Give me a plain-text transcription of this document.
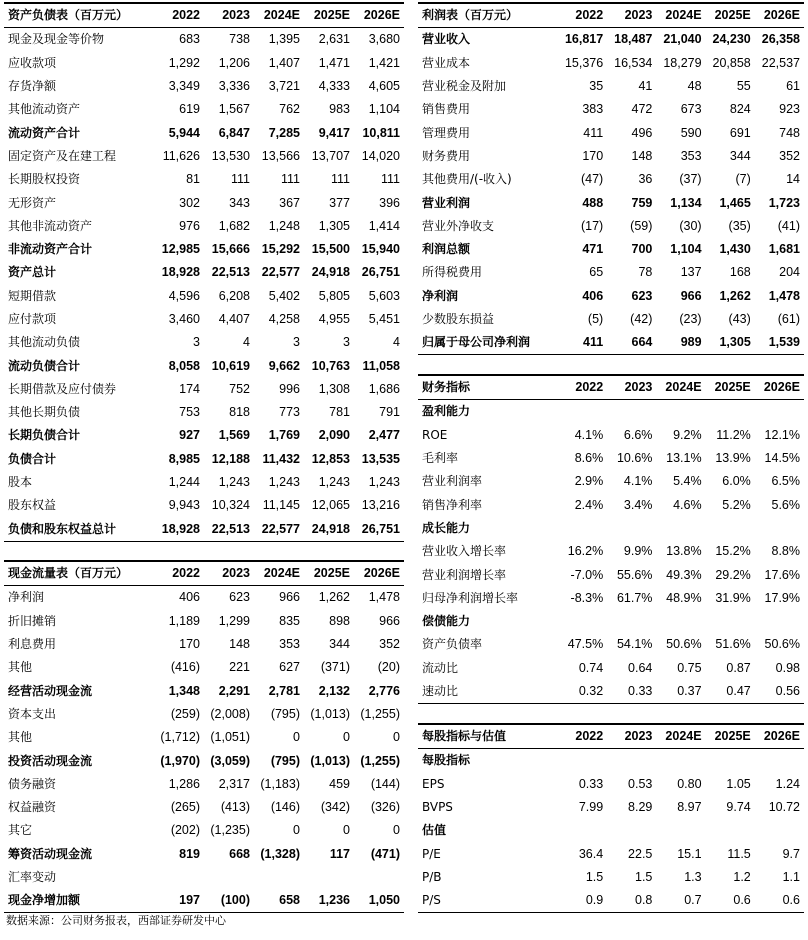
资产负债表（百万元）	2022	2023	2024E	2025E	2026E
现金及现金等价物	683	738	1,395	2,631	3,680
应收款项	1,292	1,206	1,407	1,471	1,421
存货净额	3,349	3,336	3,721	4,333	4,605
其他流动资产	619	1,567	762	983	1,104
流动资产合计	5,944	6,847	7,285	9,417	10,811
固定资产及在建工程	11,626	13,530	13,566	13,707	14,020
长期股权投资	81	111	111	111	111
无形资产	302	343	367	377	396
其他非流动资产	976	1,682	1,248	1,305	1,414
非流动资产合计	12,985	15,666	15,292	15,500	15,940
资产总计	18,928	22,513	22,577	24,918	26,751
短期借款	4,596	6,208	5,402	5,805	5,603
应付款项	3,460	4,407	4,258	4,955	5,451
其他流动负债	3	4	3	3	4
流动负债合计	8,058	10,619	9,662	10,763	11,058
长期借款及应付债券	174	752	996	1,308	1,686
其他长期负债	753	818	773	781	791
长期负债合计	927	1,569	1,769	2,090	2,477
负债合计	8,985	12,188	11,432	12,853	13,535
股本	1,244	1,243	1,243	1,243	1,243
股东权益	9,943	10,324	11,145	12,065	13,216
负债和股东权益总计	18,928	22,513	22,577	24,918	26,751
利润表（百万元）	2022	2023	2024E	2025E	2026E
营业收入	16,817	18,487	21,040	24,230	26,358
营业成本	15,376	16,534	18,279	20,858	22,537
营业税金及附加	35	41	48	55	61
销售费用	383	472	673	824	923
管理费用	411	496	590	691	748
财务费用	170	148	353	344	352
其他费用/(-收入)	(47)	36	(37)	(7)	14
营业利润	488	759	1,134	1,465	1,723
营业外净收支	(17)	(59)	(30)	(35)	(41)
利润总额	471	700	1,104	1,430	1,681
所得税费用	65	78	137	168	204
净利润	406	623	966	1,262	1,478
少数股东损益	(5)	(42)	(23)	(43)	(61)
归属于母公司净利润	411	664	989	1,305	1,539
财务指标	2022	2023	2024E	2025E	2026E
盈利能力					
ROE	4.1%	6.6%	9.2%	11.2%	12.1%
毛利率	8.6%	10.6%	13.1%	13.9%	14.5%
营业利润率	2.9%	4.1%	5.4%	6.0%	6.5%
销售净利率	2.4%	3.4%	4.6%	5.2%	5.6%
成长能力					
营业收入增长率	16.2%	9.9%	13.8%	15.2%	8.8%
营业利润增长率	-7.0%	55.6%	49.3%	29.2%	17.6%
归母净利润增长率	-8.3%	61.7%	48.9%	31.9%	17.9%
偿债能力					
资产负债率	47.5%	54.1%	50.6%	51.6%	50.6%
流动比	0.74	0.64	0.75	0.87	0.98
速动比	0.32	0.33	0.37	0.47	0.56
现金流量表（百万元）	2022	2023	2024E	2025E	2026E
净利润	406	623	966	1,262	1,478
折旧摊销	1,189	1,299	835	898	966
利息费用	170	148	353	344	352
其他	(416)	221	627	(371)	(20)
经营活动现金流	1,348	2,291	2,781	2,132	2,776
资本支出	(259)	(2,008)	(795)	(1,013)	(1,255)
其他	(1,712)	(1,051)	0	0	0
投资活动现金流	(1,970)	(3,059)	(795)	(1,013)	(1,255)
债务融资	1,286	2,317	(1,183)	459	(144)
权益融资	(265)	(413)	(146)	(342)	(326)
其它	(202)	(1,235)	0	0	0
筹资活动现金流	819	668	(1,328)	117	(471)
汇率变动					
现金净增加额	197	(100)	658	1,236	1,050
每股指标与估值	2022	2023	2024E	2025E	2026E
每股指标					
EPS	0.33	0.53	0.80	1.05	1.24
BVPS	7.99	8.29	8.97	9.74	10.72
估值					
P/E	36.4	22.5	15.1	11.5	9.7
P/B	1.5	1.5	1.3	1.2	1.1
P/S	0.9	0.8	0.7	0.6	0.6
数据来源：公司财务报表，西部证券研发中心
